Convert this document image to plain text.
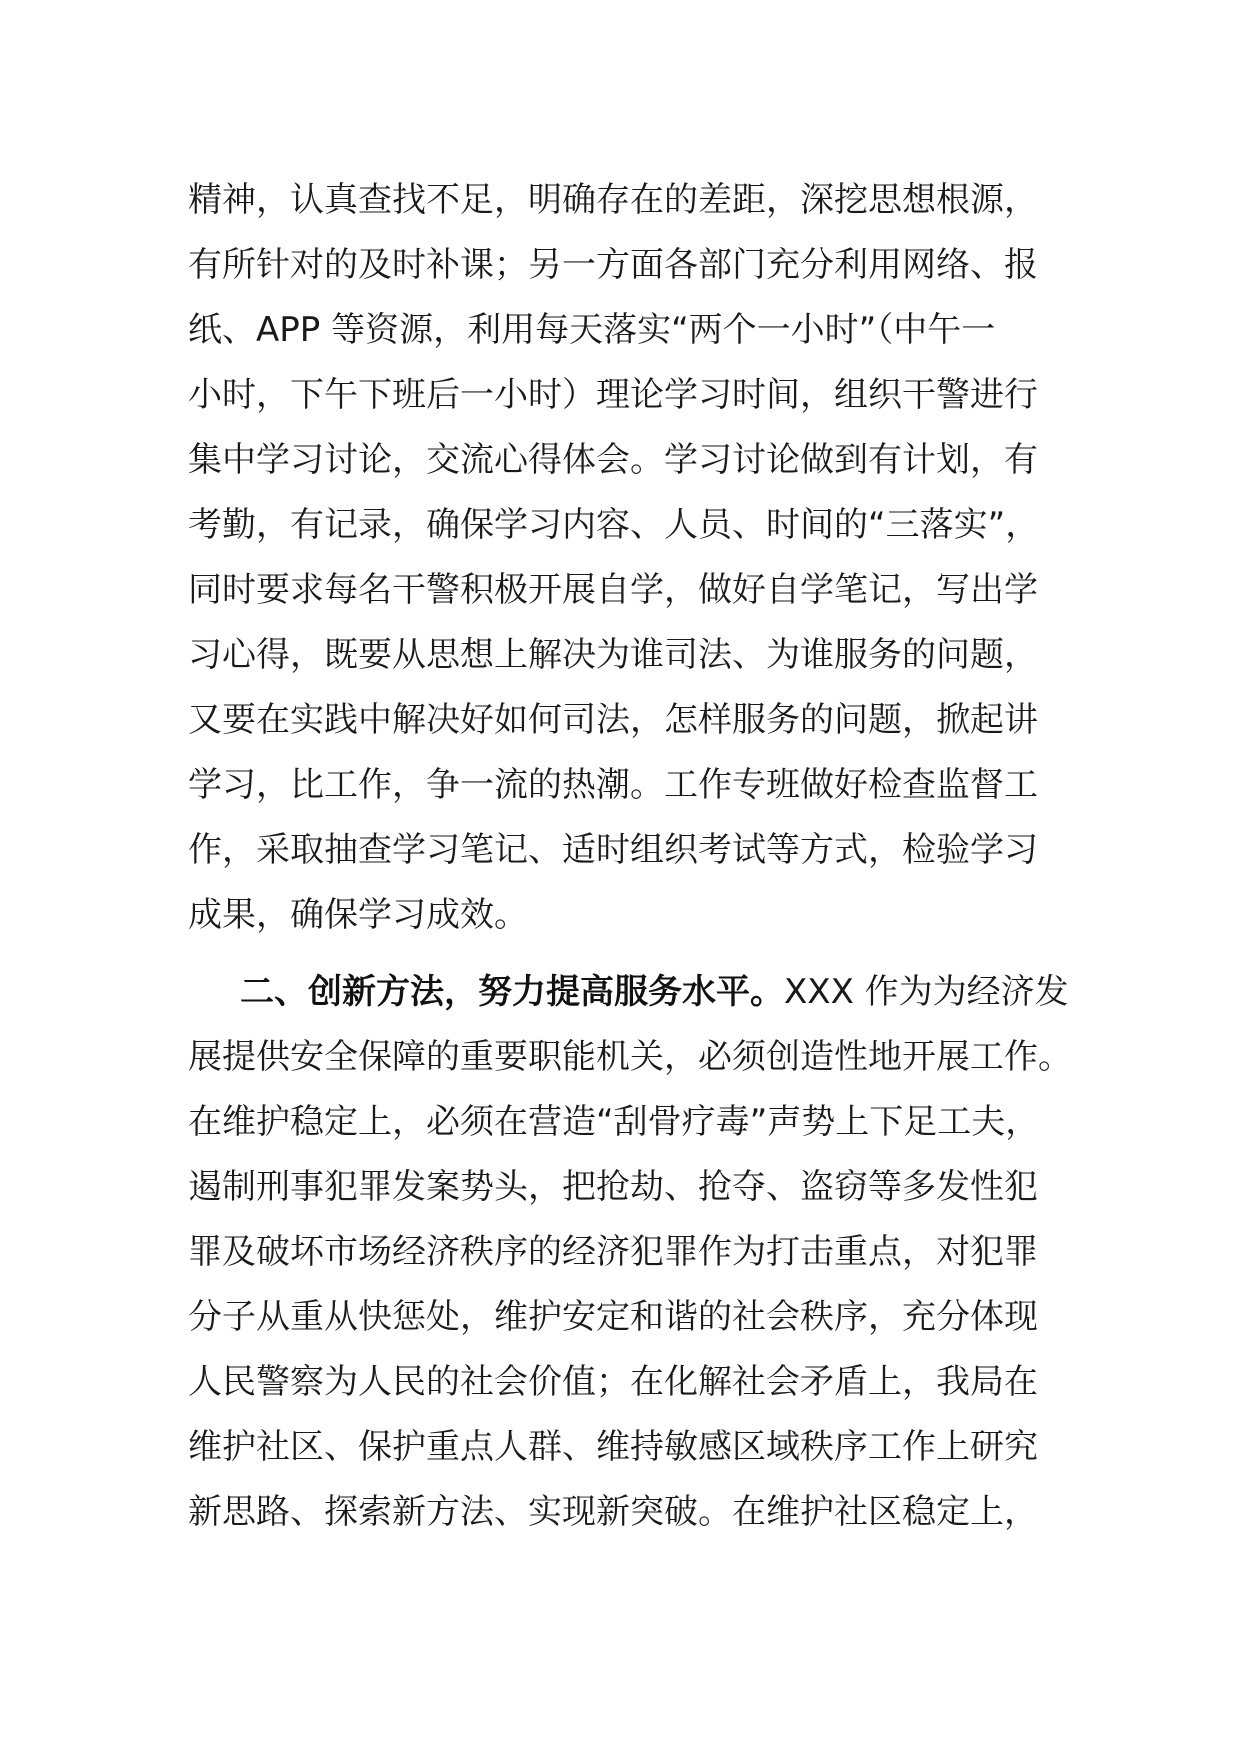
精神，认真查找不足，明确存在的差距，深挖思想根源，
有所针对的及时补课；另一方面各部门充分利用网络、报
纸、APP 等资源，利用每天落实“两个一小时”（中午一
小时，下午下班后一小时）理论学习时间，组织干警进行
集中学习讨论，交流心得体会。学习讨论做到有计划，有
考勤，有记录，确保学习内容、人员、时间的“三落实”，
同时要求每名干警积极开展自学，做好自学笔记，写出学
习心得，既要从思想上解决为谁司法、为谁服务的问题，
又要在实践中解决好如何司法，怎样服务的问题，掀起讲
学习，比工作，争一流的热潮。工作专班做好检查监督工
作，采取抽查学习笔记、适时组织考试等方式，检验学习
成果，确保学习成效。
二、创新方法，努力提高服务水平。XXX 作为为经济发
展提供安全保障的重要职能机关，必须创造性地开展工作。
在维护稳定上，必须在营造“刮骨疗毒”声势上下足工夫，
遏制刑事犯罪发案势头，把抢劫、抢夺、盗窃等多发性犯
罪及破坏市场经济秩序的经济犯罪作为打击重点，对犯罪
分子从重从快惩处，维护安定和谐的社会秩序，充分体现
人民警察为人民的社会价值；在化解社会矛盾上，我局在
维护社区、保护重点人群、维持敏感区域秩序工作上研究
新思路、探索新方法、实现新突破。在维护社区稳定上，
